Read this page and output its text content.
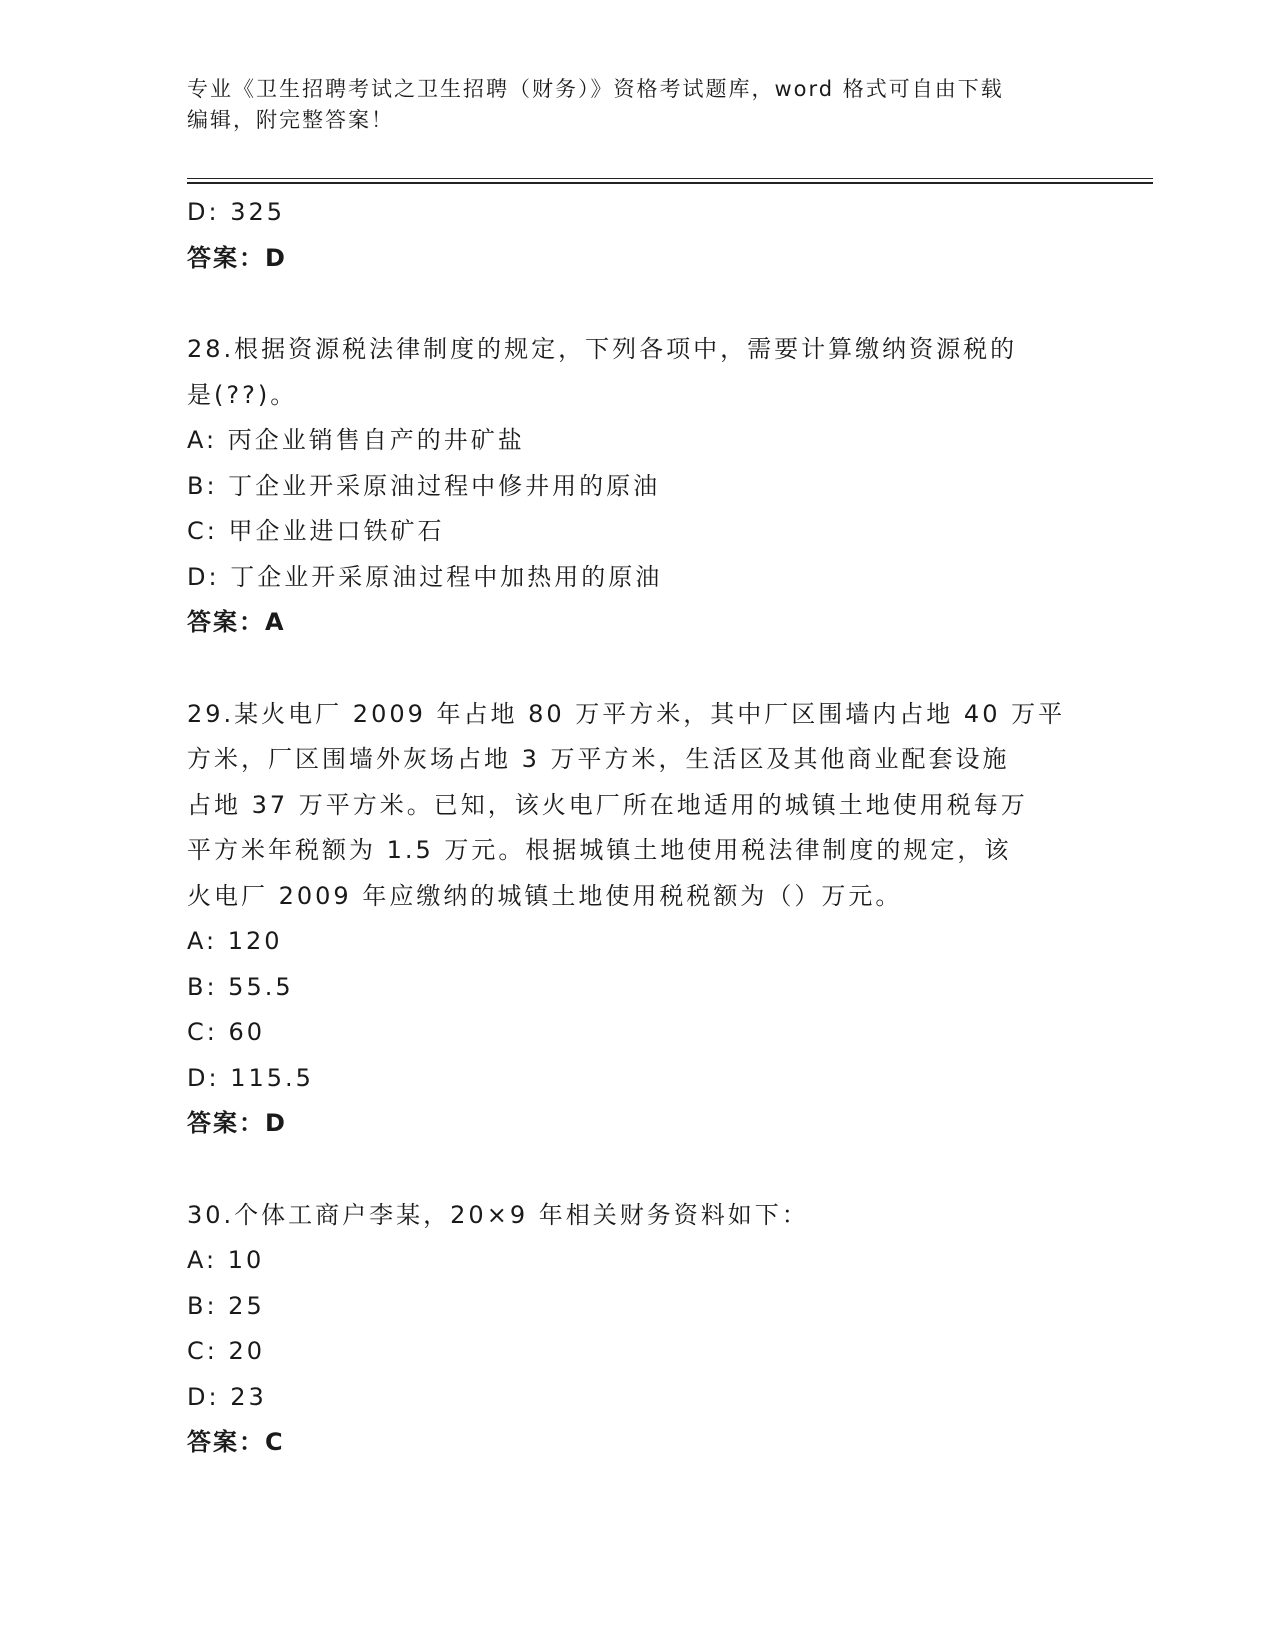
专业《卫生招聘考试之卫生招聘（财务）》资格考试题库，word 格式可自由下载
编辑，附完整答案！
D: 325
答案：D
28.根据资源税法律制度的规定，下列各项中，需要计算缴纳资源税的
是(??)。
A: 丙企业销售自产的井矿盐
B: 丁企业开采原油过程中修井用的原油
C: 甲企业进口铁矿石
D: 丁企业开采原油过程中加热用的原油
答案：A
29.某火电厂 2009 年占地 80 万平方米，其中厂区围墙内占地 40 万平
方米，厂区围墙外灰场占地 3 万平方米，生活区及其他商业配套设施
占地 37 万平方米。已知，该火电厂所在地适用的城镇土地使用税每万
平方米年税额为 1.5 万元。根据城镇土地使用税法律制度的规定，该
火电厂 2009 年应缴纳的城镇土地使用税税额为（）万元。
A: 120
B: 55.5
C: 60
D: 115.5
答案：D
30.个体工商户李某，20×9 年相关财务资料如下：
A: 10
B: 25
C: 20
D: 23
答案：C
